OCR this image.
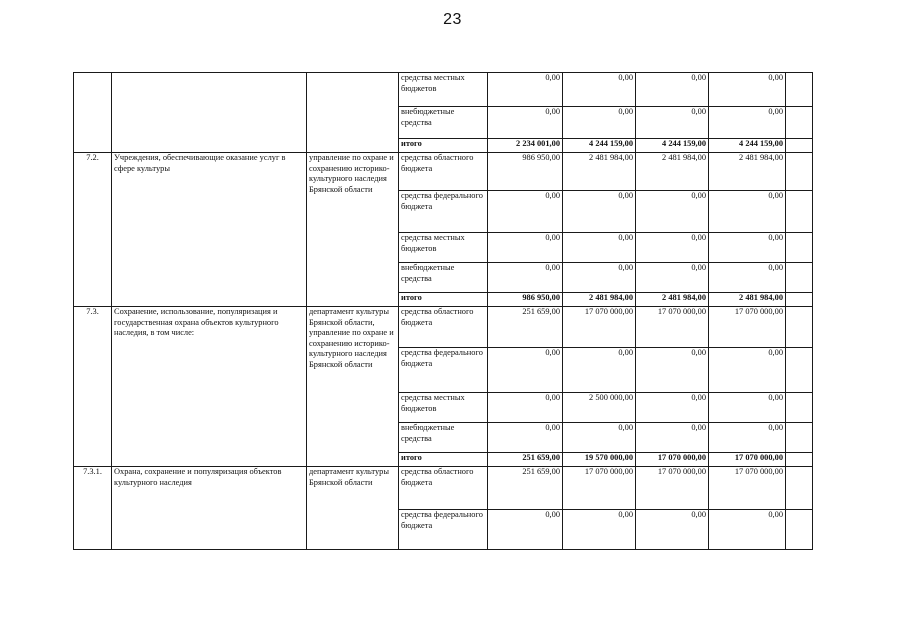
23
			средства местных бюджетов	0,00	0,00	0,00	0,00	
			внебюджетные средства	0,00	0,00	0,00	0,00	
			итого	2 234 001,00	4 244 159,00	4 244 159,00	4 244 159,00	
7.2.	Учреждения, обеспечивающие оказание услуг в сфере культуры	управление по охране и сохранению историко-культурного наследия Брянской области	средства областного бюджета	986 950,00	2 481 984,00	2 481 984,00	2 481 984,00	
			средства федерального бюджета	0,00	0,00	0,00	0,00	
			средства местных бюджетов	0,00	0,00	0,00	0,00	
			внебюджетные средства	0,00	0,00	0,00	0,00	
			итого	986 950,00	2 481 984,00	2 481 984,00	2 481 984,00	
7.3.	Сохранение, использование, популяризация и государственная охрана объектов культурного наследия, в том числе:	департамент культуры Брянской области, управление по охране и сохранению историко-культурного наследия Брянской области	средства областного бюджета	251 659,00	17 070 000,00	17 070 000,00	17 070 000,00	
			средства федерального бюджета	0,00	0,00	0,00	0,00	
			средства местных бюджетов	0,00	2 500 000,00	0,00	0,00	
			внебюджетные средства	0,00	0,00	0,00	0,00	
			итого	251 659,00	19 570 000,00	17 070 000,00	17 070 000,00	
7.3.1.	Охрана, сохранение и популяризация объектов культурного наследия	департамент культуры Брянской области	средства областного бюджета	251 659,00	17 070 000,00	17 070 000,00	17 070 000,00	
			средства федерального бюджета	0,00	0,00	0,00	0,00	
